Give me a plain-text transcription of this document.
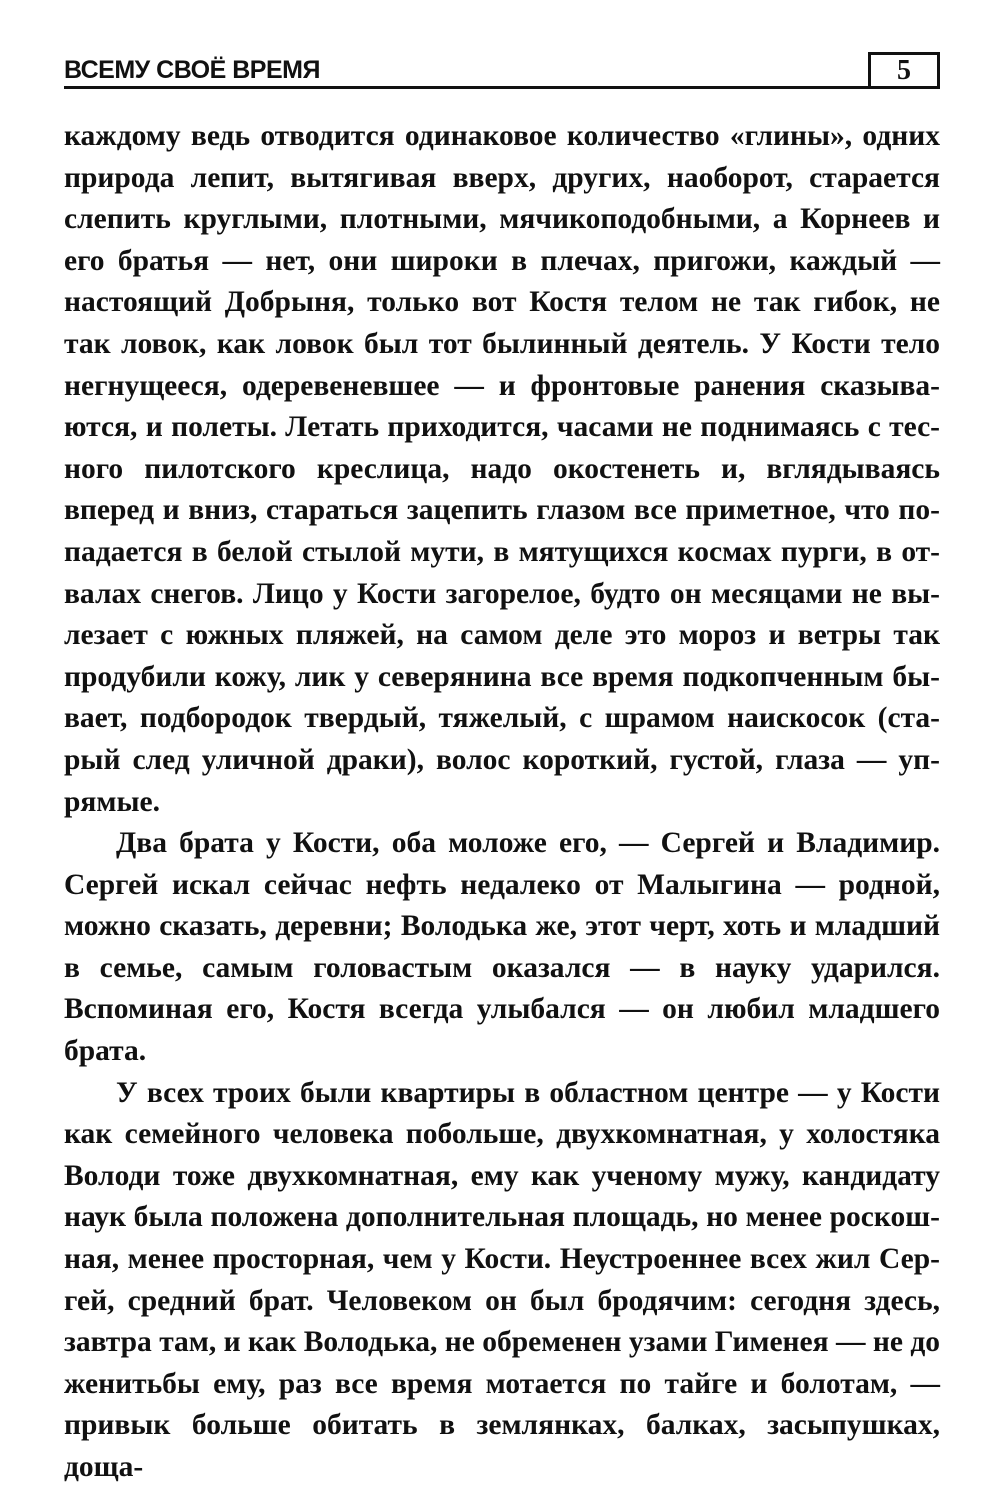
ВСЕМУ СВОЁ ВРЕМЯ	5

каждому ведь отводится одинаковое количество «глины», одних природа лепит, вытягивая вверх, других, наоборот, старается слепить круглыми, плотными, мячикоподобными, а Корнеев и его братья — нет, они широки в плечах, пригожи, каждый — настоящий Добрыня, только вот Костя телом не так гибок, не так ловок, как ловок был тот былинный деятель. У Кости тело негнущееся, одеревеневшее — и фронтовые ранения сказываются, и полеты. Летать приходится, часами не поднимаясь с тесного пилотского креслица, надо окостенеть и, вглядываясь вперед и вниз, стараться зацепить глазом все приметное, что попадается в белой стылой мути, в мятущихся космах пурги, в отвалах снегов. Лицо у Кости загорелое, будто он месяцами не вылезает с южных пляжей, на самом деле это мороз и ветры так продубили кожу, лик у северянина все время подкопченным бывает, подбородок твердый, тяжелый, с шрамом наискосок (старый след уличной драки), волос короткий, густой, глаза — упрямые.

Два брата у Кости, оба моложе его, — Сергей и Владимир. Сергей искал сейчас нефть недалеко от Малыгина — родной, можно сказать, деревни; Володька же, этот черт, хоть и младший в семье, самым головастым оказался — в науку ударился. Вспоминая его, Костя всегда улыбался — он любил младшего брата.

У всех троих были квартиры в областном центре — у Кости как семейного человека побольше, двухкомнатная, у холостяка Володи тоже двухкомнатная, ему как ученому мужу, кандидату наук была положена дополнительная площадь, но менее роскошная, менее просторная, чем у Кости. Неустроеннее всех жил Сергей, средний брат. Человеком он был бродячим: сегодня здесь, завтра там, и как Володька, не обременен узами Гименея — не до женитьбы ему, раз все время мотается по тайге и болотам, — привык больше обитать в землянках, балках, засыпушках, доща-
